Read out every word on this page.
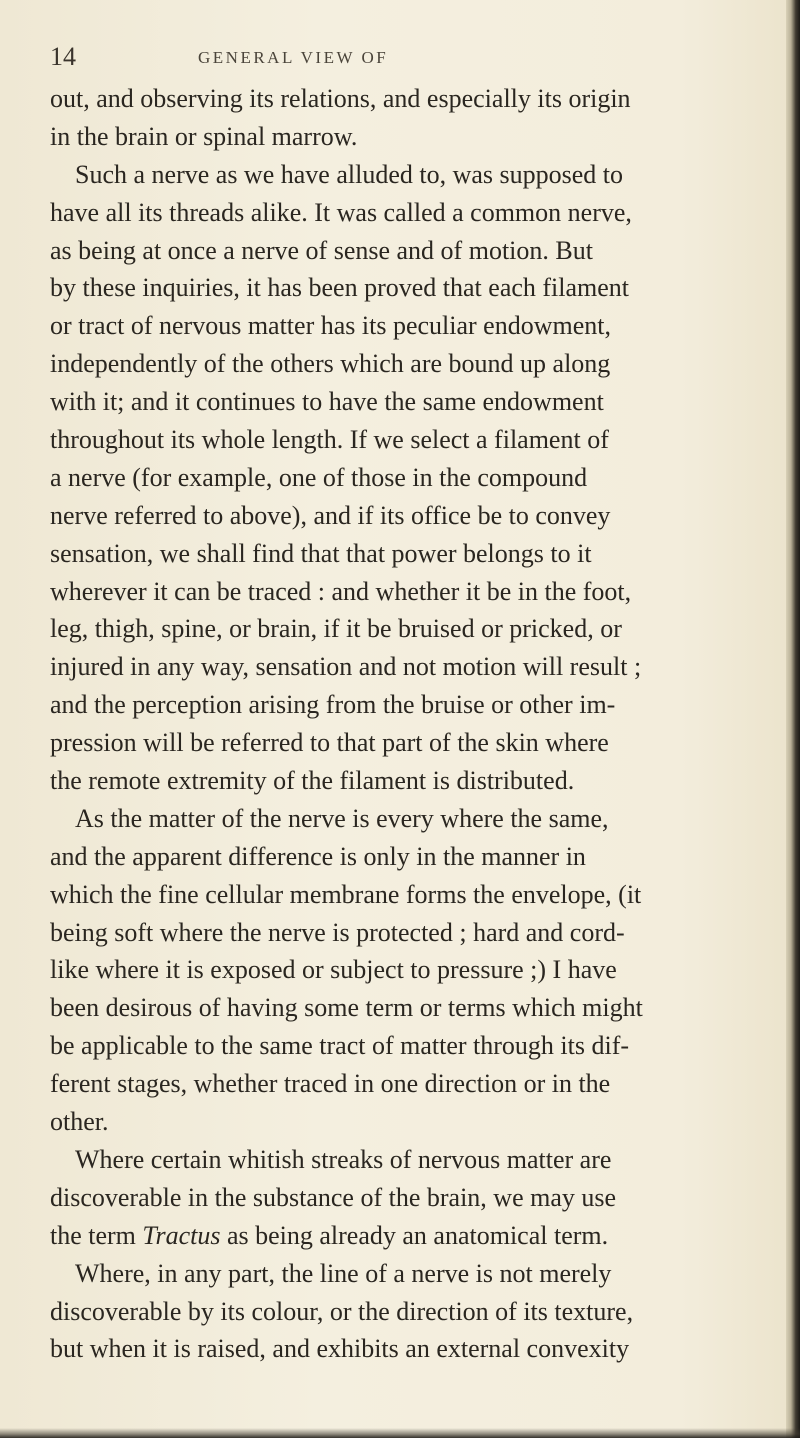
14	GENERAL VIEW OF
out, and observing its relations, and especially its origin
in the brain or spinal marrow.
Such a nerve as we have alluded to, was supposed to
have all its threads alike. It was called a common nerve,
as being at once a nerve of sense and of motion. But
by these inquiries, it has been proved that each filament
or tract of nervous matter has its peculiar endowment,
independently of the others which are bound up along
with it; and it continues to have the same endowment
throughout its whole length. If we select a filament of
a nerve (for example, one of those in the compound
nerve referred to above), and if its office be to convey
sensation, we shall find that that power belongs to it
wherever it can be traced : and whether it be in the foot,
leg, thigh, spine, or brain, if it be bruised or pricked, or
injured in any way, sensation and not motion will result ;
and the perception arising from the bruise or other im-
pression will be referred to that part of the skin where
the remote extremity of the filament is distributed.
As the matter of the nerve is every where the same,
and the apparent difference is only in the manner in
which the fine cellular membrane forms the envelope, (it
being soft where the nerve is protected ; hard and cord-
like where it is exposed or subject to pressure ;) I have
been desirous of having some term or terms which might
be applicable to the same tract of matter through its dif-
ferent stages, whether traced in one direction or in the
other.
Where certain whitish streaks of nervous matter are
discoverable in the substance of the brain, we may use
the term Tractus as being already an anatomical term.
Where, in any part, the line of a nerve is not merely
discoverable by its colour, or the direction of its texture,
but when it is raised, and exhibits an external convexity
